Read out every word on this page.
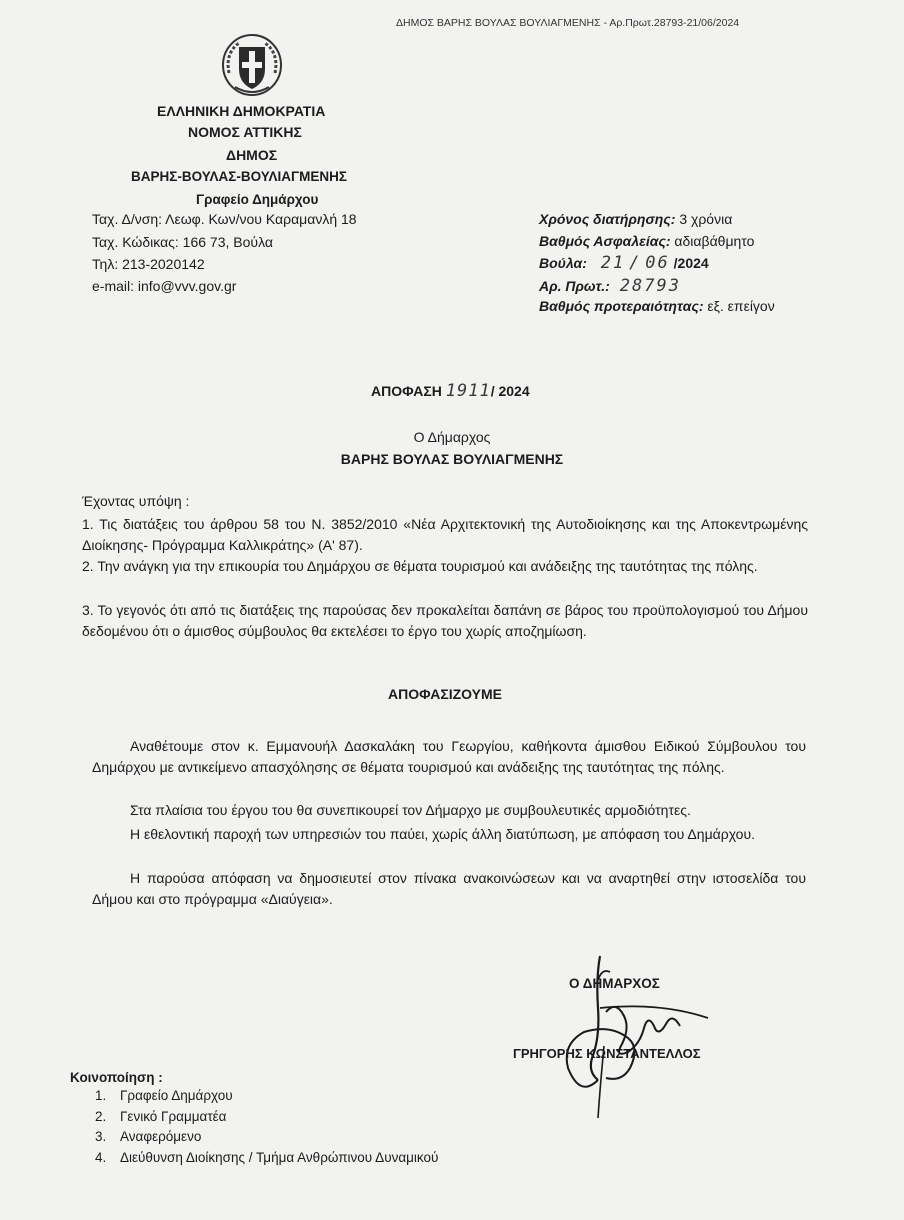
ΔΗΜΟΣ ΒΑΡΗΣ ΒΟΥΛΑΣ ΒΟΥΛΙΑΓΜΕΝΗΣ - Αρ.Πρωτ.28793-21/06/2024
ΕΛΛΗΝΙΚΗ ΔΗΜΟΚΡΑΤΙΑ
ΝΟΜΟΣ ΑΤΤΙΚΗΣ
ΔΗΜΟΣ
ΒΑΡΗΣ-ΒΟΥΛΑΣ-ΒΟΥΛΙΑΓΜΕΝΗΣ
Γραφείο Δημάρχου
Ταχ. Δ/νση: Λεωφ. Κων/νου Καραμανλή 18
Ταχ. Κώδικας: 166 73, Βούλα
Τηλ: 213-2020142
e-mail: info@vvv.gov.gr
Χρόνος διατήρησης: 3 χρόνια
Βαθμός Ασφαλείας: αδιαβάθμητο
Βούλα: 21 / 06 /2024
Αρ. Πρωτ.: 28793
Βαθμός προτεραιότητας: εξ. επείγον
ΑΠΟΦΑΣΗ 1911/ 2024
Ο Δήμαρχος
ΒΑΡΗΣ ΒΟΥΛΑΣ ΒΟΥΛΙΑΓΜΕΝΗΣ
Έχοντας υπόψη :
1. Τις διατάξεις του άρθρου 58 του Ν. 3852/2010 «Νέα Αρχιτεκτονική της Αυτοδιοίκησης και της Αποκεντρωμένης Διοίκησης- Πρόγραμμα Καλλικράτης» (Α' 87).
2. Την ανάγκη για την επικουρία του Δημάρχου σε θέματα τουρισμού και ανάδειξης της ταυτότητας της πόλης.
3. Το γεγονός ότι από τις διατάξεις της παρούσας δεν προκαλείται δαπάνη σε βάρος του προϋπολογισμού του Δήμου δεδομένου ότι ο άμισθος σύμβουλος θα εκτελέσει το έργο του χωρίς αποζημίωση.
ΑΠΟΦΑΣΙΖΟΥΜΕ
Αναθέτουμε στον κ. Εμμανουήλ Δασκαλάκη του Γεωργίου, καθήκοντα άμισθου Ειδικού Σύμβουλου του Δημάρχου με αντικείμενο απασχόλησης σε θέματα τουρισμού και ανάδειξης της ταυτότητας της πόλης.
Στα πλαίσια του έργου του θα συνεπικουρεί τον Δήμαρχο με συμβουλευτικές αρμοδιότητες.
Η εθελοντική παροχή των υπηρεσιών του παύει, χωρίς άλλη διατύπωση, με απόφαση του Δημάρχου.
Η παρούσα απόφαση να δημοσιευτεί στον πίνακα ανακοινώσεων και να αναρτηθεί στην ιστοσελίδα του Δήμου και στο πρόγραμμα «Διαύγεια».
Ο ΔΗΜΑΡΧΟΣ
ΓΡΗΓΟΡΗΣ ΚΩΝΣΤΑΝΤΕΛΛΟΣ
Κοινοποίηση :
1. Γραφείο Δημάρχου
2. Γενικό Γραμματέα
3. Αναφερόμενο
4. Διεύθυνση Διοίκησης / Τμήμα Ανθρώπινου Δυναμικού
